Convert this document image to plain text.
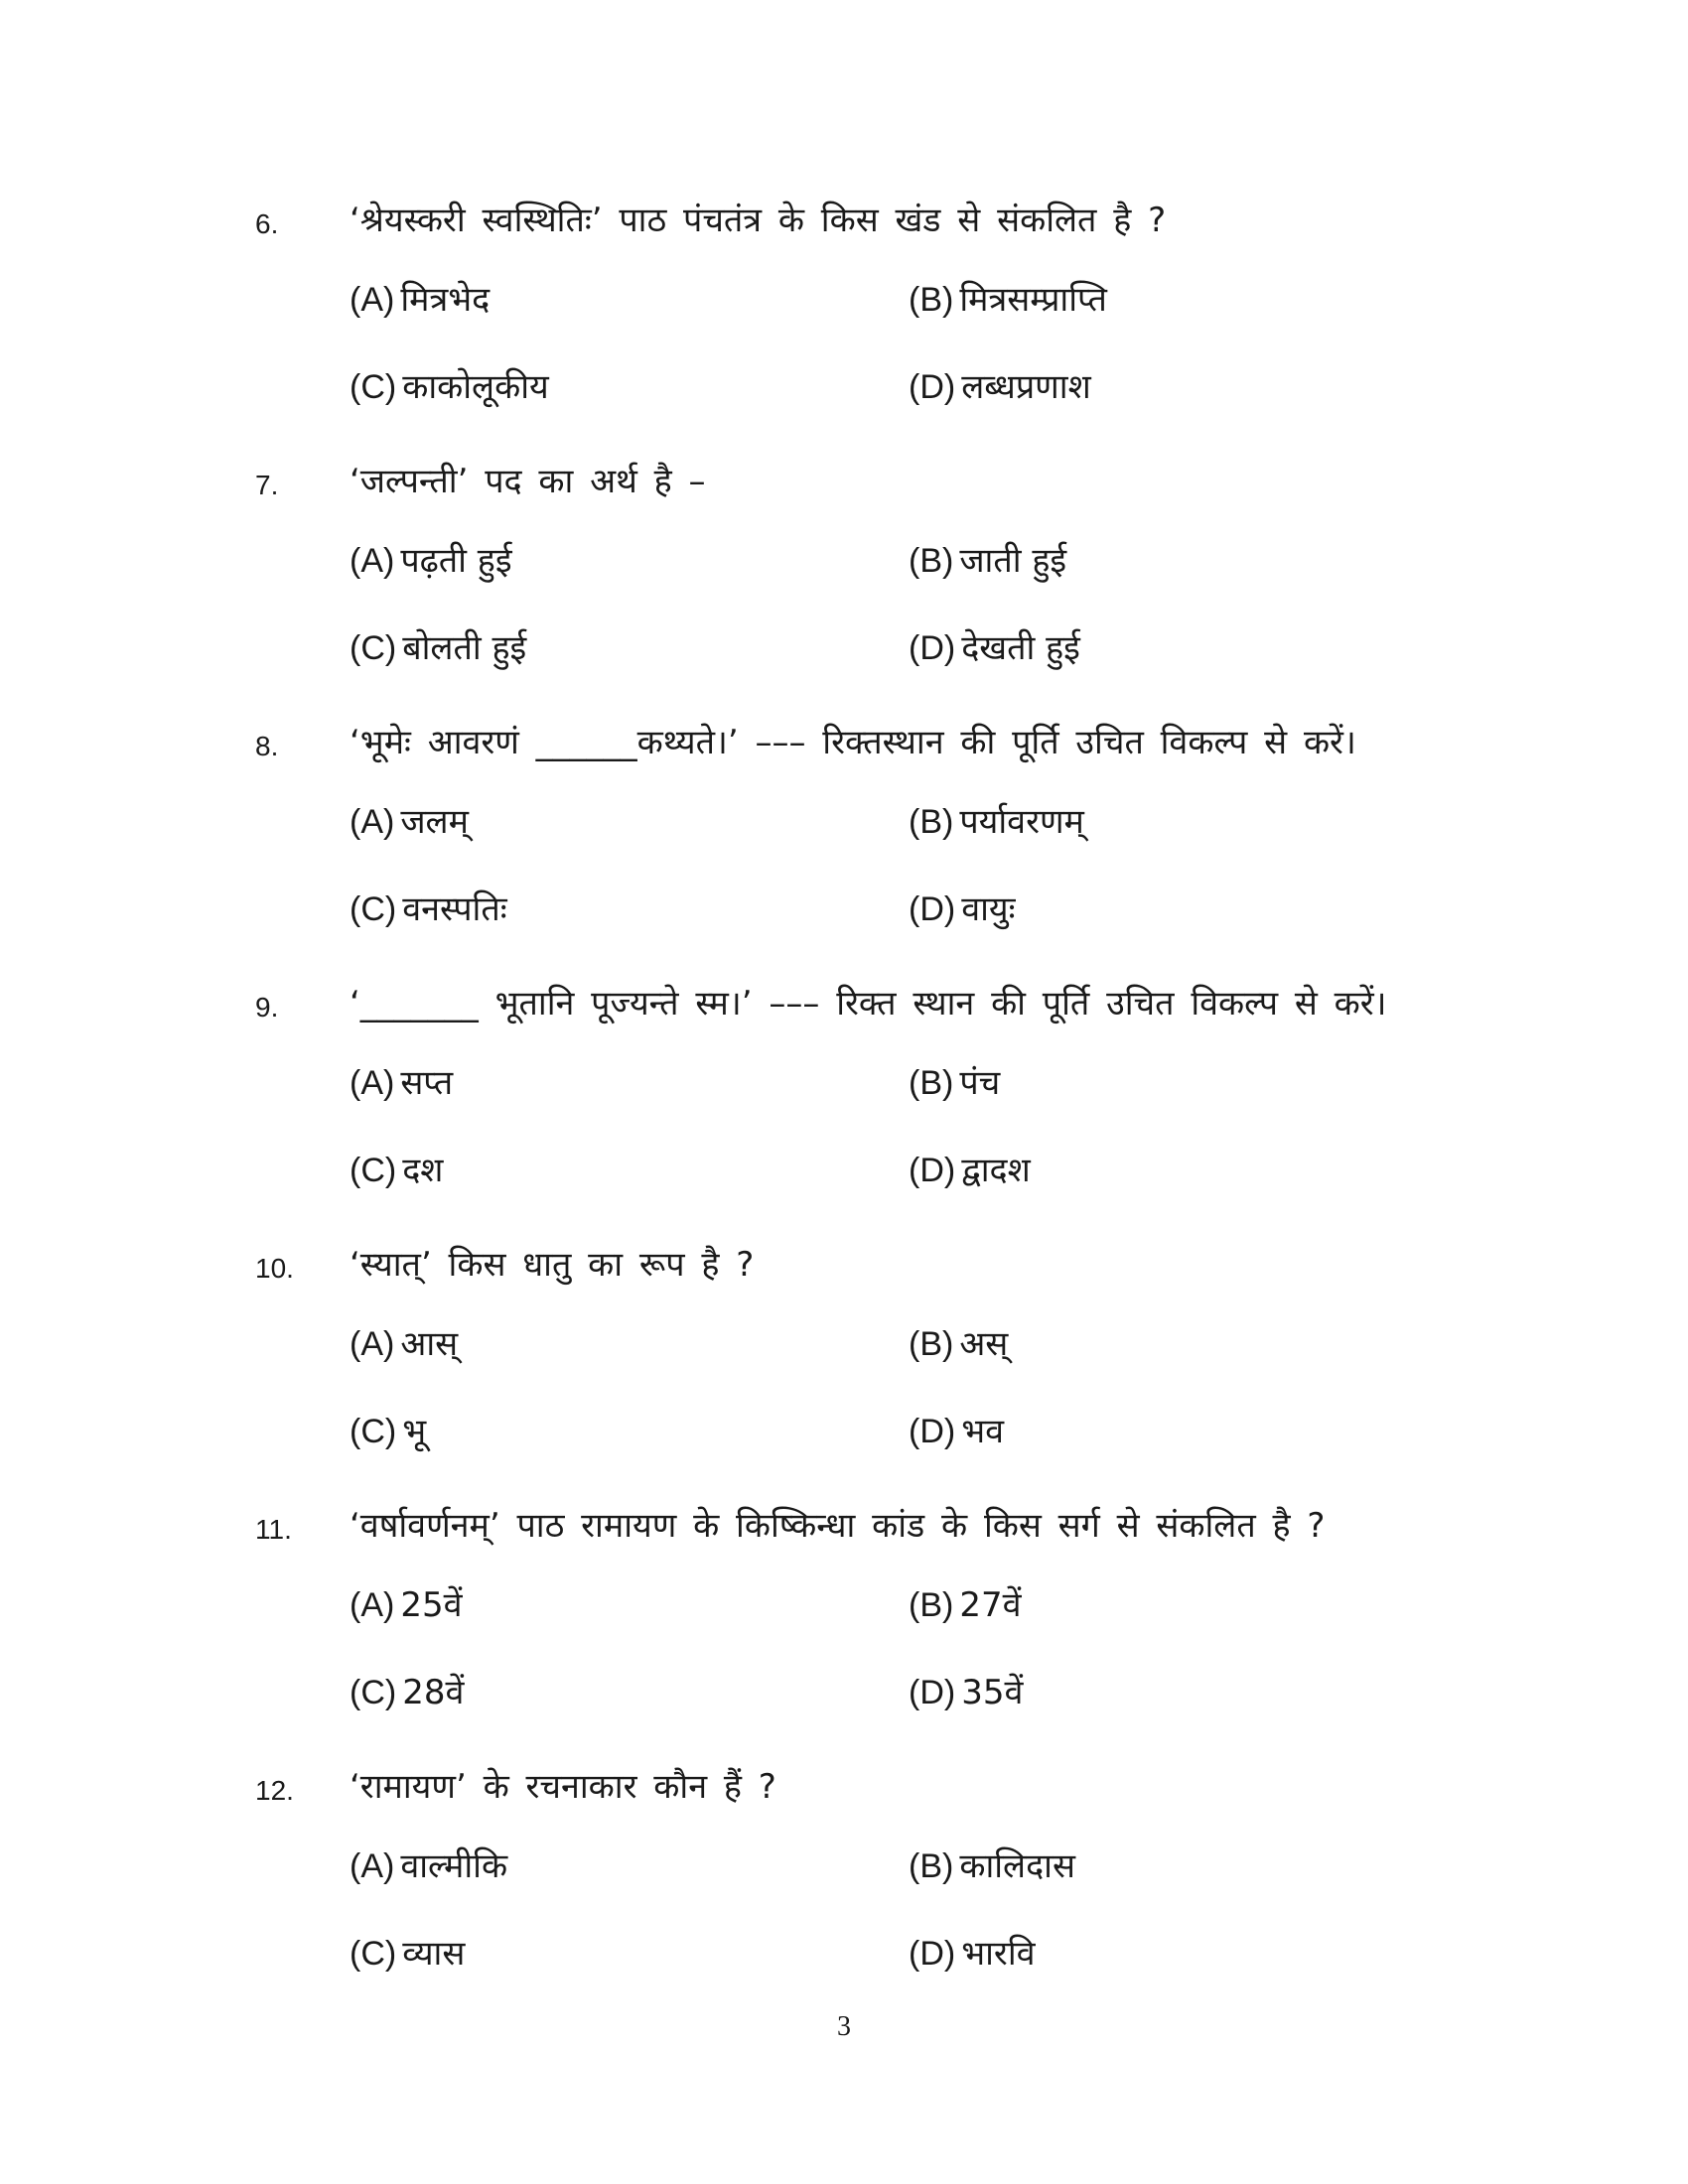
6. ‘श्रेयस्करी स्वस्थितिः’ पाठ पंचतंत्र के किस खंड से संकलित है ?
(A) मित्रभेद	(B) मित्रसम्प्राप्ति
(C) काकोलूकीय	(D) लब्धप्रणाश
7. ‘जल्पन्ती’ पद का अर्थ है –
(A) पढ़ती हुई	(B) जाती हुई
(C) बोलती हुई	(D) देखती हुई
8. ‘भूमेः आवरणं ______कथ्यते।’ ––– रिक्तस्थान की पूर्ति उचित विकल्प से करें।
(A) जलम्	(B) पर्यावरणम्
(C) वनस्पतिः	(D) वायुः
9. ‘_______ भूतानि पूज्यन्ते स्म।’ ––– रिक्त स्थान की पूर्ति उचित विकल्प से करें।
(A) सप्त	(B) पंच
(C) दश	(D) द्वादश
10. ‘स्यात्’ किस धातु का रूप है ?
(A) आस्	(B) अस्
(C) भू	(D) भव
11. ‘वर्षावर्णनम्’ पाठ रामायण के किष्किन्धा कांड के किस सर्ग से संकलित है ?
(A) 25वें	(B) 27वें
(C) 28वें	(D) 35वें
12. ‘रामायण’ के रचनाकार कौन हैं ?
(A) वाल्मीकि	(B) कालिदास
(C) व्यास	(D) भारवि
3
